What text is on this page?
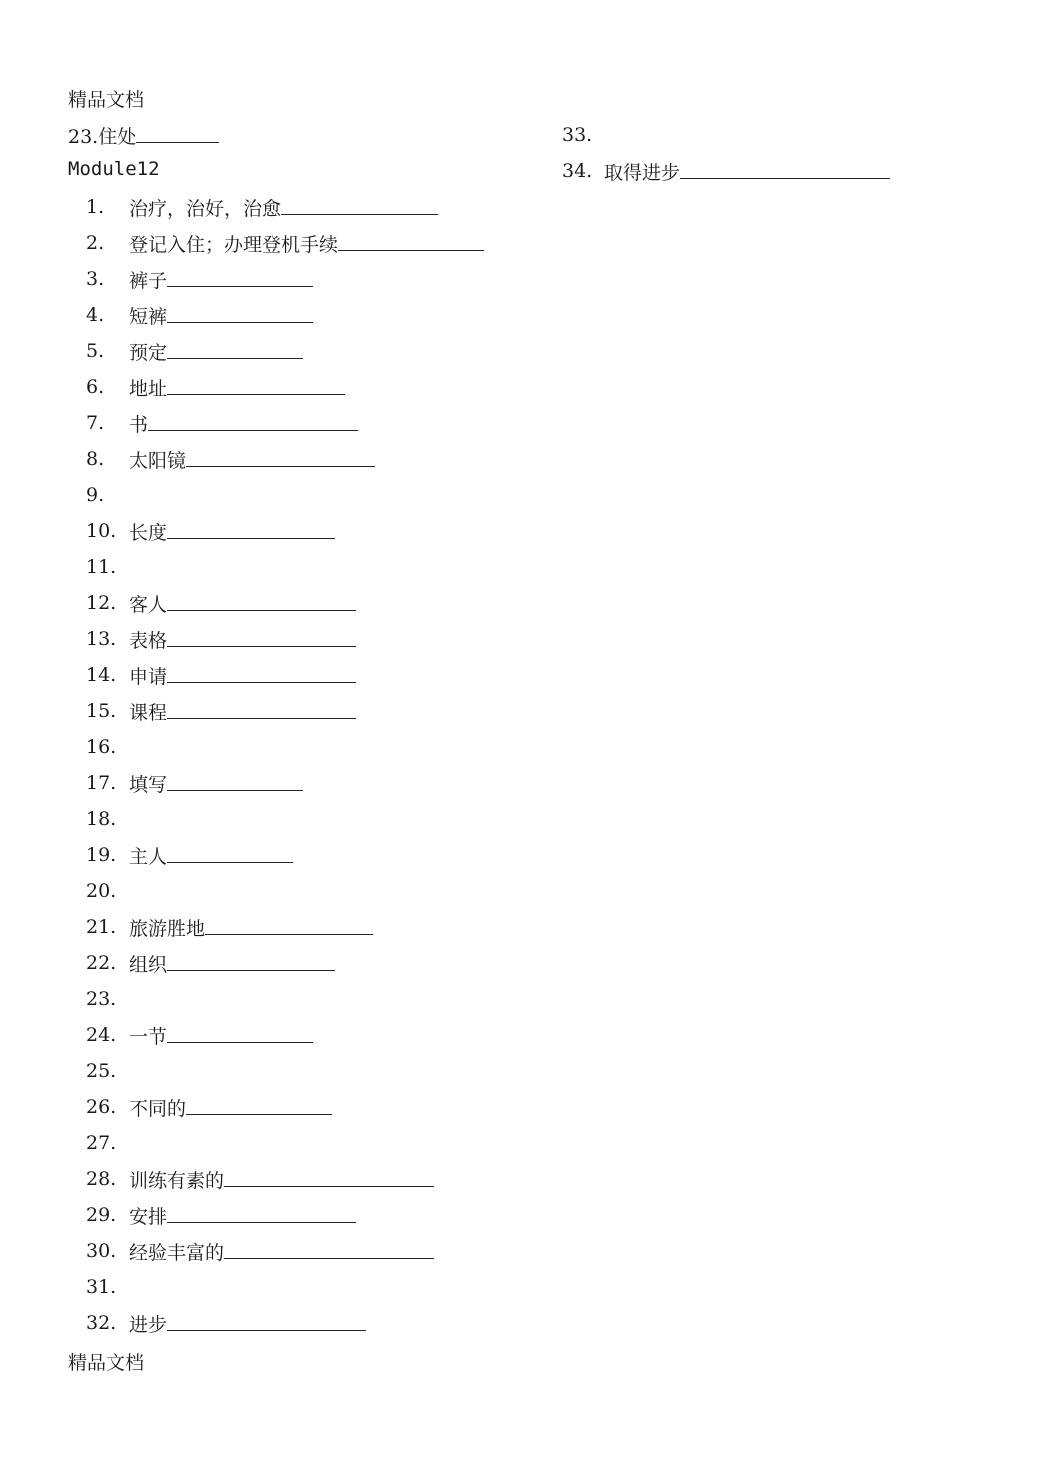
精品文档
23.住处
Module12
1.	治疗，治好，治愈
2.	登记入住；办理登机手续
3.	裤子
4.	短裤
5.	预定
6.	地址
7.	书
8.	太阳镜
9.
10. 长度
11.
12. 客人
13. 表格
14. 申请
15. 课程
16.
17. 填写
18.
19. 主人
20.
21. 旅游胜地
22. 组织
23.
24. 一节
25.
26. 不同的
27.
28. 训练有素的
29. 安排
30. 经验丰富的
31.
32. 进步
33.
34. 取得进步
精品文档
